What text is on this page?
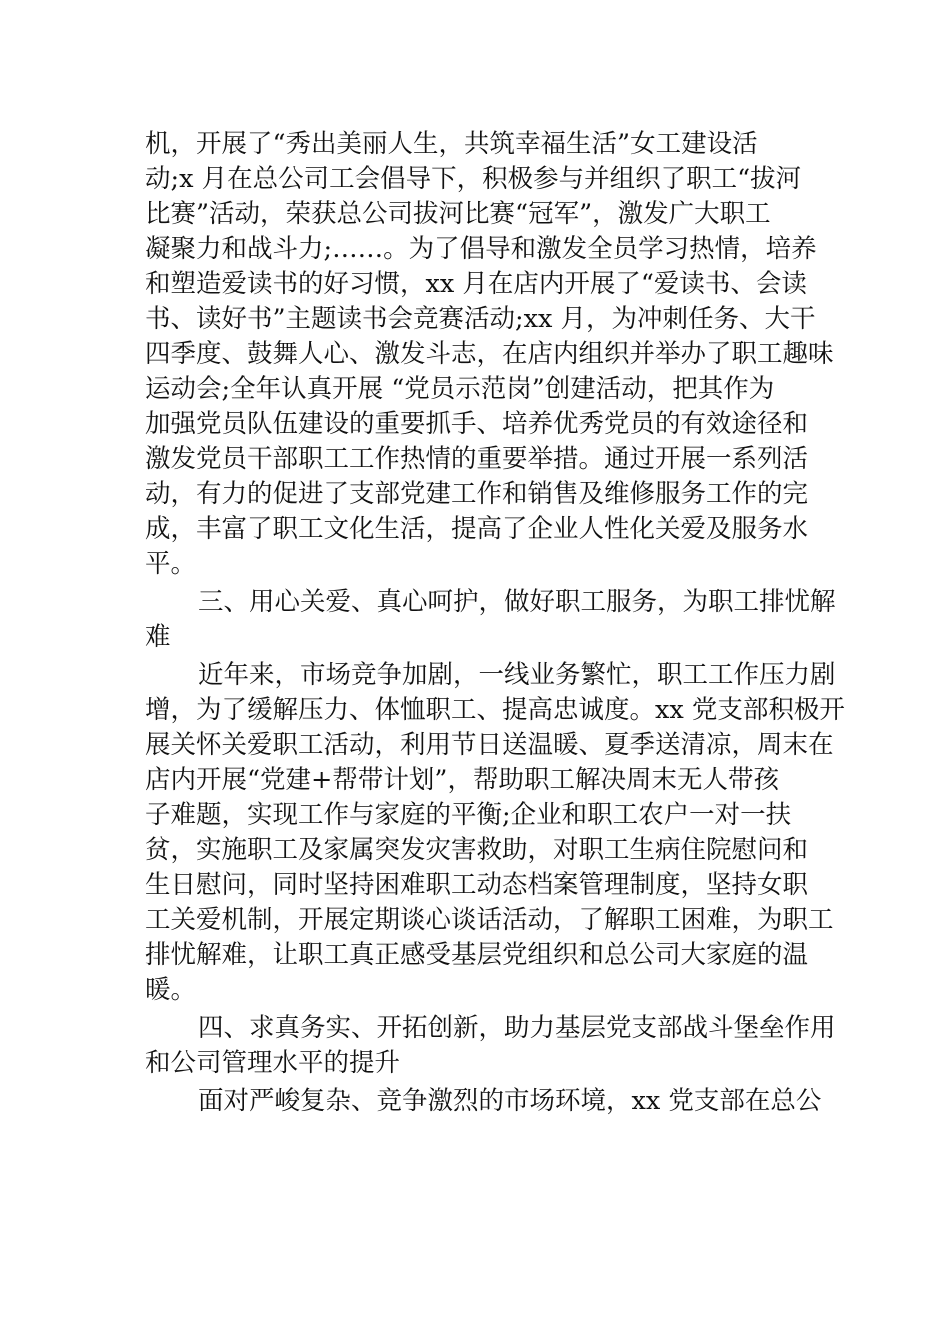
机，开展了“秀出美丽人生，共筑幸福生活”女工建设活
动;x 月在总公司工会倡导下，积极参与并组织了职工“拔河
比赛”活动，荣获总公司拔河比赛“冠军”，激发广大职工
凝聚力和战斗力;……。为了倡导和激发全员学习热情，培养
和塑造爱读书的好习惯，xx 月在店内开展了“爱读书、会读
书、读好书”主题读书会竞赛活动;xx 月，为冲刺任务、大干
四季度、鼓舞人心、激发斗志，在店内组织并举办了职工趣味
运动会;全年认真开展 “党员示范岗”创建活动，把其作为
加强党员队伍建设的重要抓手、培养优秀党员的有效途径和
激发党员干部职工工作热情的重要举措。通过开展一系列活
动，有力的促进了支部党建工作和销售及维修服务工作的完
成，丰富了职工文化生活，提高了企业人性化关爱及服务水
平。
三、用心关爱、真心呵护，做好职工服务，为职工排忧解
难
近年来，市场竞争加剧，一线业务繁忙，职工工作压力剧
增，为了缓解压力、体恤职工、提高忠诚度。xx 党支部积极开
展关怀关爱职工活动，利用节日送温暖、夏季送清凉，周末在
店内开展“党建+帮带计划”，帮助职工解决周末无人带孩
子难题，实现工作与家庭的平衡;企业和职工农户一对一扶
贫，实施职工及家属突发灾害救助，对职工生病住院慰问和
生日慰问，同时坚持困难职工动态档案管理制度，坚持女职
工关爱机制，开展定期谈心谈话活动，了解职工困难，为职工
排忧解难，让职工真正感受基层党组织和总公司大家庭的温
暖。
四、求真务实、开拓创新，助力基层党支部战斗堡垒作用
和公司管理水平的提升
面对严峻复杂、竞争激烈的市场环境，xx 党支部在总公
